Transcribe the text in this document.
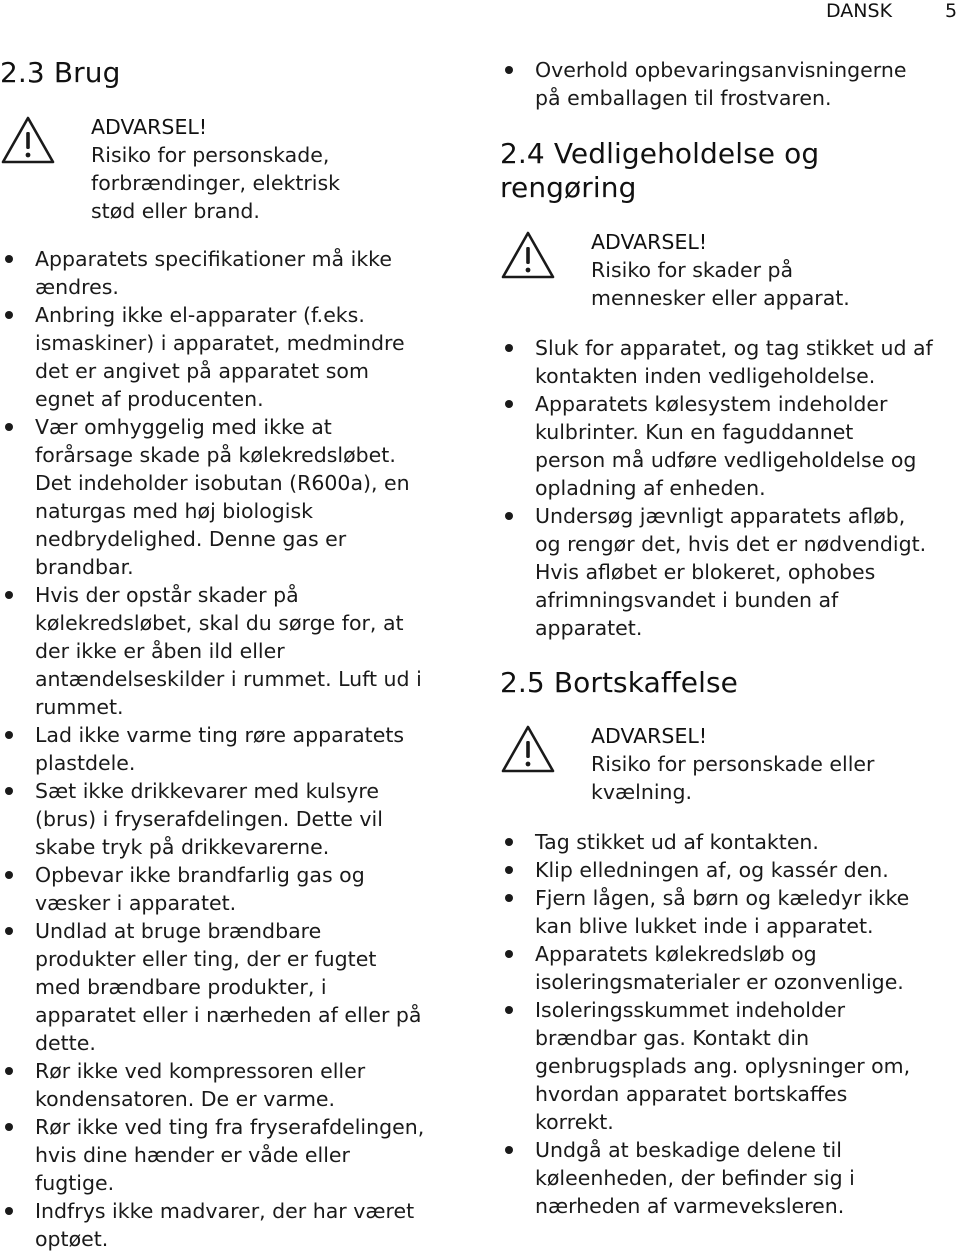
DANSK	5
2.3 Brug
ADVARSEL!
Risiko for personskade,
forbrændinger, elektrisk
stød eller brand.
Apparatets specifikationer må ikke
ændres.
Anbring ikke el-apparater (f.eks.
ismaskiner) i apparatet, medmindre
det er angivet på apparatet som
egnet af producenten.
Vær omhyggelig med ikke at
forårsage skade på kølekredsløbet.
Det indeholder isobutan (R600a), en
naturgas med høj biologisk
nedbrydelighed. Denne gas er
brandbar.
Hvis der opstår skader på
kølekredsløbet, skal du sørge for, at
der ikke er åben ild eller
antændelseskilder i rummet. Luft ud i
rummet.
Lad ikke varme ting røre apparatets
plastdele.
Sæt ikke drikkevarer med kulsyre
(brus) i fryserafdelingen. Dette vil
skabe tryk på drikkevarerne.
Opbevar ikke brandfarlig gas og
væsker i apparatet.
Undlad at bruge brændbare
produkter eller ting, der er fugtet
med brændbare produkter, i
apparatet eller i nærheden af eller på
dette.
Rør ikke ved kompressoren eller
kondensatoren. De er varme.
Rør ikke ved ting fra fryserafdelingen,
hvis dine hænder er våde eller
fugtige.
Indfrys ikke madvarer, der har været
optøet.
Overhold opbevaringsanvisningerne
på emballagen til frostvaren.
2.4 Vedligeholdelse og
rengøring
ADVARSEL!
Risiko for skader på
mennesker eller apparat.
Sluk for apparatet, og tag stikket ud af
kontakten inden vedligeholdelse.
Apparatets kølesystem indeholder
kulbrinter. Kun en faguddannet
person må udføre vedligeholdelse og
opladning af enheden.
Undersøg jævnligt apparatets afløb,
og rengør det, hvis det er nødvendigt.
Hvis afløbet er blokeret, ophobes
afrimningsvandet i bunden af
apparatet.
2.5 Bortskaffelse
ADVARSEL!
Risiko for personskade eller
kvælning.
Tag stikket ud af kontakten.
Klip elledningen af, og kassér den.
Fjern lågen, så børn og kæledyr ikke
kan blive lukket inde i apparatet.
Apparatets kølekredsløb og
isoleringsmaterialer er ozonvenlige.
Isoleringsskummet indeholder
brændbar gas. Kontakt din
genbrugsplads ang. oplysninger om,
hvordan apparatet bortskaffes
korrekt.
Undgå at beskadige delene til
køleenheden, der befinder sig i
nærheden af varmeveksleren.
